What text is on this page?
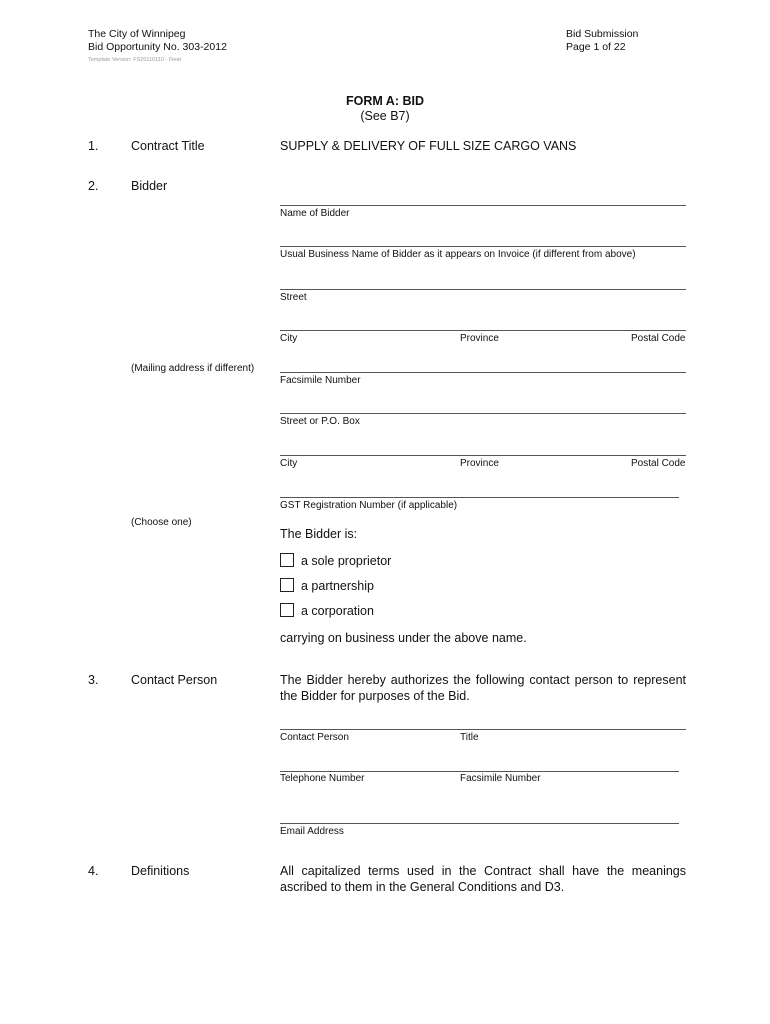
The City of Winnipeg
Bid Opportunity No. 303-2012
Template Version: FS20110110 - Fleet
Bid Submission
Page 1 of 22
FORM A: BID
(See B7)
1.	Contract Title	SUPPLY & DELIVERY OF FULL SIZE CARGO VANS
2.	Bidder
Name of Bidder
Usual Business Name of Bidder as it appears on Invoice (if different from above)
Street
City	Province	Postal Code
(Mailing address if different)
Facsimile Number
Street or P.O. Box
City	Province	Postal Code
GST Registration Number (if applicable)
(Choose one)
The Bidder is:
a sole proprietor
a partnership
a corporation
carrying on business under the above name.
3.	Contact Person	The Bidder hereby authorizes the following contact person to represent the Bidder for purposes of the Bid.
Contact Person	Title
Telephone Number	Facsimile Number
Email Address
4.	Definitions	All capitalized terms used in the Contract shall have the meanings ascribed to them in the General Conditions and D3.
